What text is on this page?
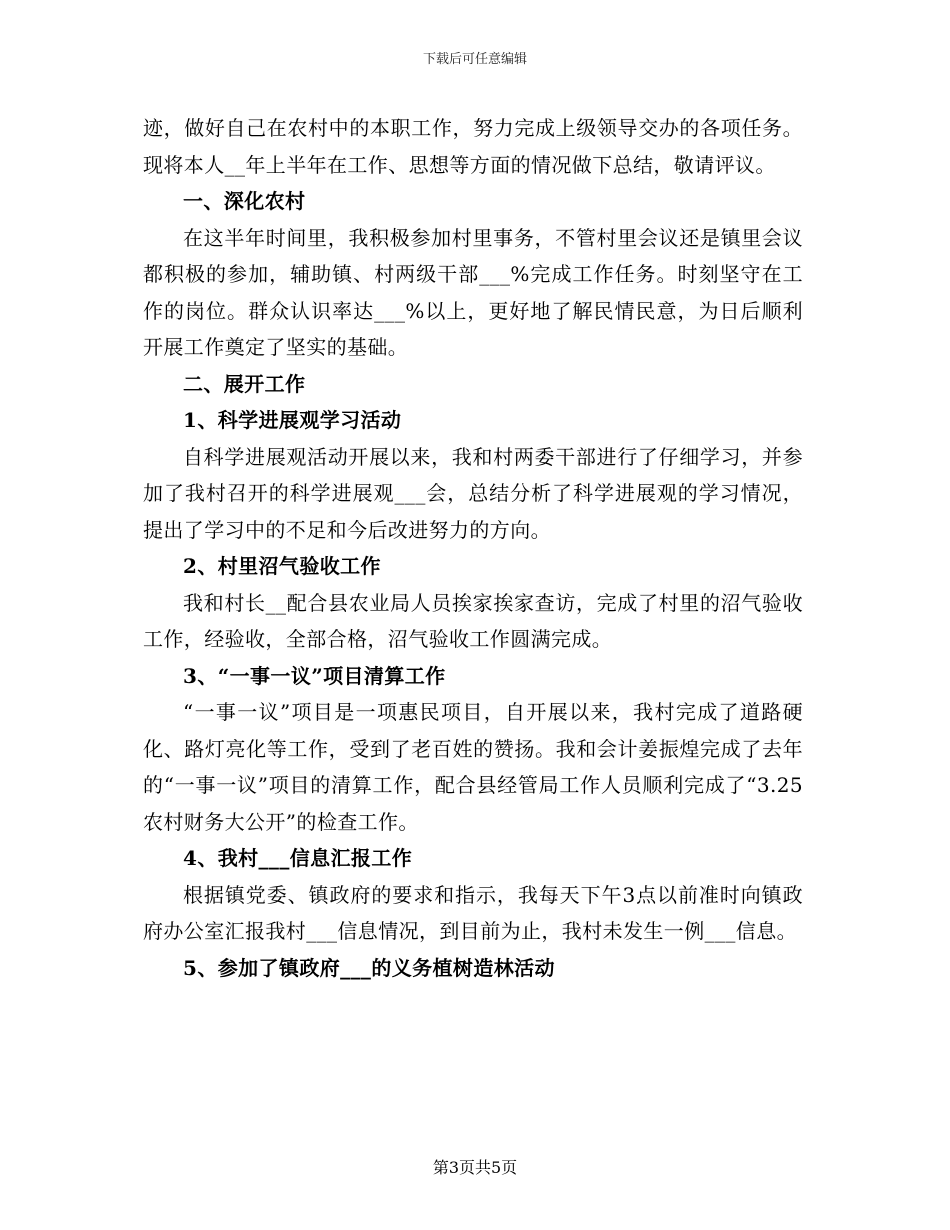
下载后可任意编辑

迹，做好自己在农村中的本职工作，努力完成上级领导交办的各项任务。现将本人__年上半年在工作、思想等方面的情况做下总结，敬请评议。

一、深化农村

在这半年时间里，我积极参加村里事务，不管村里会议还是镇里会议都积极的参加，辅助镇、村两级干部___%完成工作任务。时刻坚守在工作的岗位。群众认识率达___%以上，更好地了解民情民意，为日后顺利开展工作奠定了坚实的基础。

二、展开工作

1、科学进展观学习活动

自科学进展观活动开展以来，我和村两委干部进行了仔细学习，并参加了我村召开的科学进展观___会，总结分析了科学进展观的学习情况，提出了学习中的不足和今后改进努力的方向。

2、村里沼气验收工作

我和村长__配合县农业局人员挨家挨家查访，完成了村里的沼气验收工作，经验收，全部合格，沼气验收工作圆满完成。

3、“一事一议”项目清算工作

“一事一议”项目是一项惠民项目，自开展以来，我村完成了道路硬化、路灯亮化等工作，受到了老百姓的赞扬。我和会计姜振煌完成了去年的“一事一议”项目的清算工作，配合县经管局工作人员顺利完成了“3.25农村财务大公开”的检查工作。

4、我村___信息汇报工作

根据镇党委、镇政府的要求和指示，我每天下午3点以前准时向镇政府办公室汇报我村___信息情况，到目前为止，我村未发生一例___信息。

5、参加了镇政府___的义务植树造林活动

第3页共5页
